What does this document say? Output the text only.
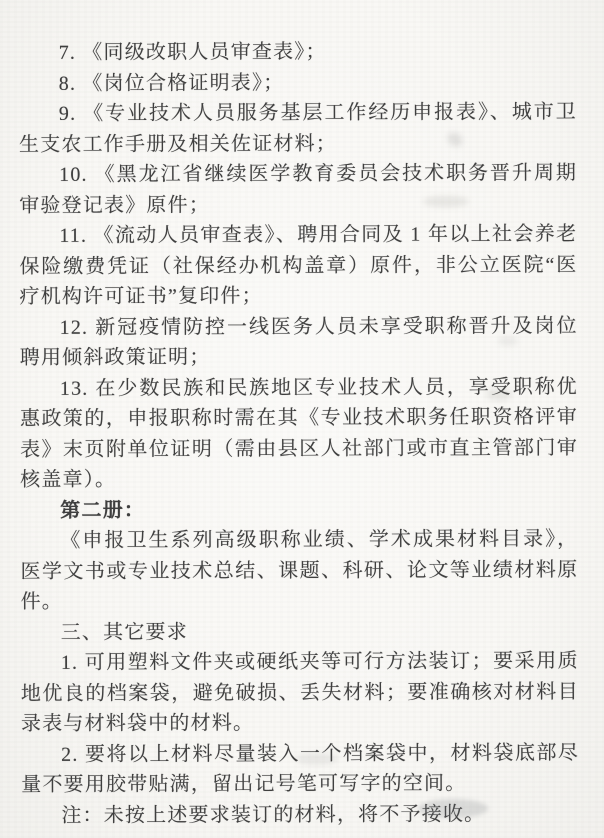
7. 《同级改职人员审查表》；

8. 《岗位合格证明表》；

9. 《专业技术人员服务基层工作经历申报表》、城市卫生支农工作手册及相关佐证材料；

10. 《黑龙江省继续医学教育委员会技术职务晋升周期审验登记表》原件；

11. 《流动人员审查表》、聘用合同及 1 年以上社会养老保险缴费凭证（社保经办机构盖章）原件，非公立医院“医疗机构许可证书”复印件；

12. 新冠疫情防控一线医务人员未享受职称晋升及岗位聘用倾斜政策证明；

13. 在少数民族和民族地区专业技术人员，享受职称优惠政策的，申报职称时需在其《专业技术职务任职资格评审表》末页附单位证明（需由县区人社部门或市直主管部门审核盖章）。

第二册：

《申报卫生系列高级职称业绩、学术成果材料目录》，医学文书或专业技术总结、课题、科研、论文等业绩材料原件。

三、其它要求

1. 可用塑料文件夹或硬纸夹等可行方法装订；要采用质地优良的档案袋，避免破损、丢失材料；要准确核对材料目录表与材料袋中的材料。

2. 要将以上材料尽量装入一个档案袋中，材料袋底部尽量不要用胶带贴满，留出记号笔可写字的空间。

注：未按上述要求装订的材料，将不予接收。
